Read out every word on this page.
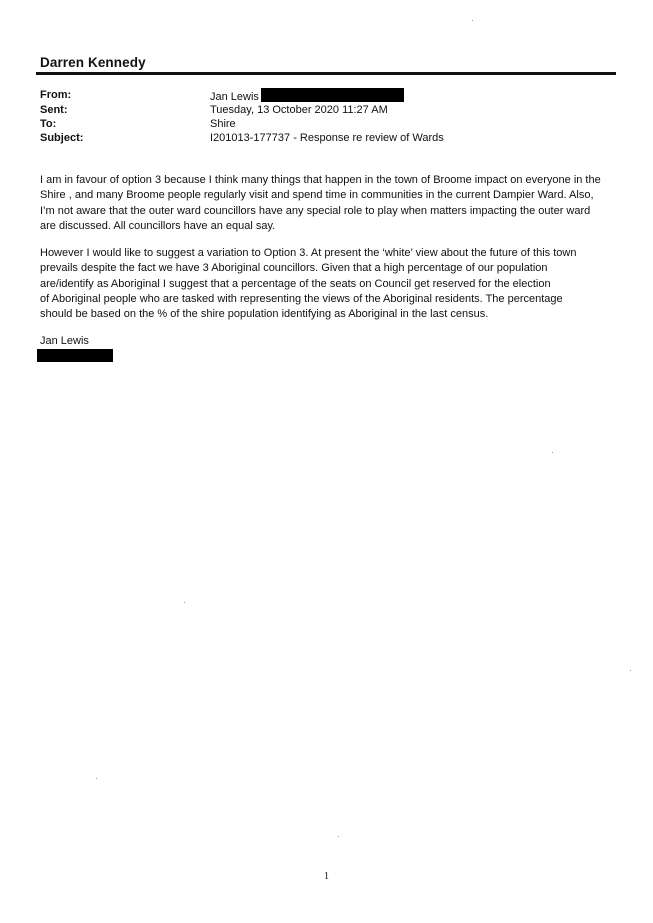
Darren Kennedy
From:	Jan Lewis
Sent:	Tuesday, 13 October 2020 11:27 AM
To:	Shire
Subject:	I201013-177737 - Response re review of Wards
I am in favour of option 3 because I think many things that happen in the town of Broome impact on everyone in the
Shire , and many Broome people regularly visit and spend time in communities in the current Dampier Ward. Also,
I’m not aware that the outer ward councillors have any special role to play when matters impacting the outer ward
are discussed. All councillors have an equal say.
However I would like to suggest a variation to Option 3. At present the ‘white’ view about the future of this town
prevails despite the fact we have 3 Aboriginal councillors. Given that a high percentage of our population
are/identify as Aboriginal I suggest that a percentage of the seats on Council get reserved for the election
of Aboriginal people who are tasked with representing the views of the Aboriginal residents. The percentage
should be based on the % of the shire population identifying as Aboriginal in the last census.
Jan Lewis
1
